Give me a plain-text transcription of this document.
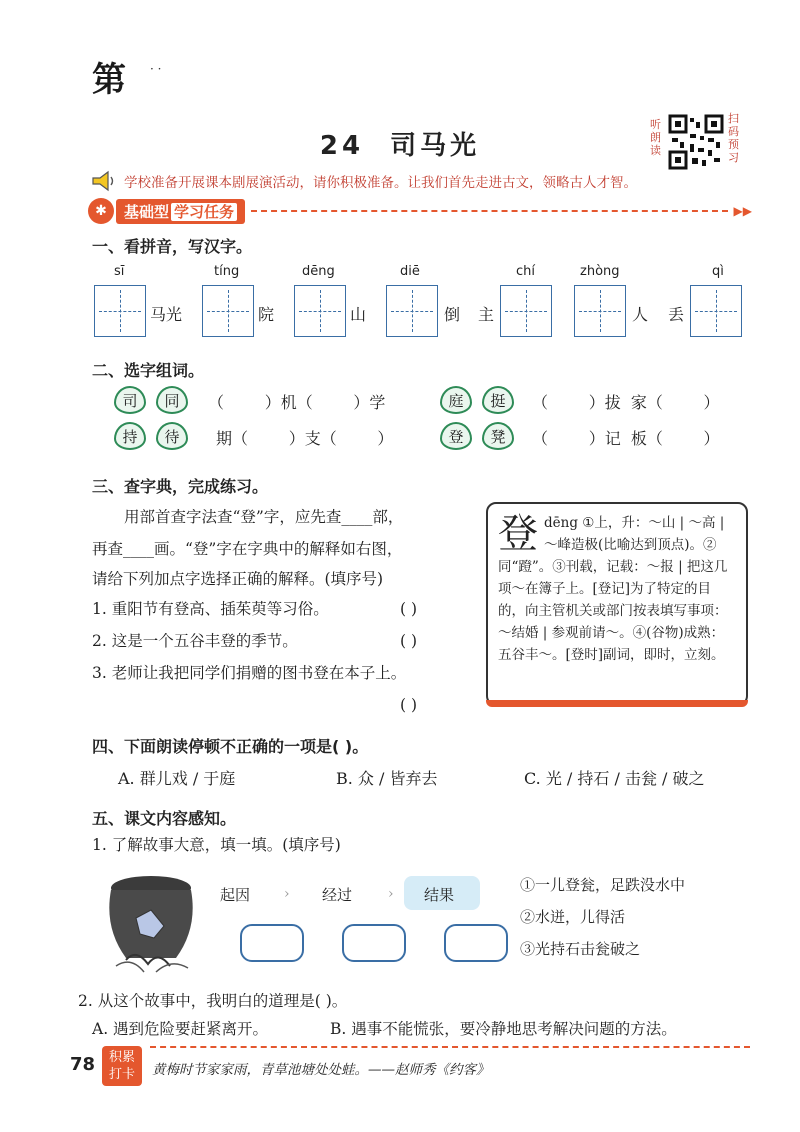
第 · ·
24 司马光
听朗读
扫码预习
学校准备开展课本剧展演活动，请你积极准备。让我们首先走进古文，领略古人才智。
✱	基础型 学习任务	▶▶
一、看拼音，写汉字。
sī
马光
tíng
院
dēng
山
diē
倒
chí
主
zhòng
人
qì
丢
二、选字组词。
司	同	（        ）机（        ）学	庭	挺	（        ）拔  家（        ）
持	待	期（        ）支（        ）	登	凳	（        ）记  板（        ）
三、查字典，完成练习。
用部首查字法查“登”字，应先查____部，
再查____画。“登”字在字典中的解释如右图，
请给下列加点字选择正确的解释。(填序号)
1. 重阳节有登高、插茱萸等习俗。	( )
2. 这是一个五谷丰登的季节。	( )
3. 老师让我把同学们捐赠的图书登在本子上。
( )
登 dēng ①上，升：～山 | ～高 | ～峰造极(比喻达到顶点)。②同“蹬”。③刊载，记载：～报 | 把这几项～在簿子上。[登记]为了特定的目的，向主管机关或部门按表填写事项：～结婚 | 参观前请～。④(谷物)成熟：五谷丰～。[登时]副词，即时，立刻。
四、下面朗读停顿不正确的一项是( )。
A. 群儿戏 / 于庭	B. 众 / 皆弃去	C. 光 / 持石 / 击瓮 / 破之
五、课文内容感知。
1. 了解故事大意，填一填。(填序号)
起因 › 经过	› 结果
①一儿登瓮，足跌没水中
②水迸，儿得活
③光持石击瓮破之
2. 从这个故事中，我明白的道理是( )。
A. 遇到危险要赶紧离开。	B. 遇事不能慌张，要冷静地思考解决问题的方法。
78	积累
打卡	黄梅时节家家雨，青草池塘处处蛙。——赵师秀《约客》
